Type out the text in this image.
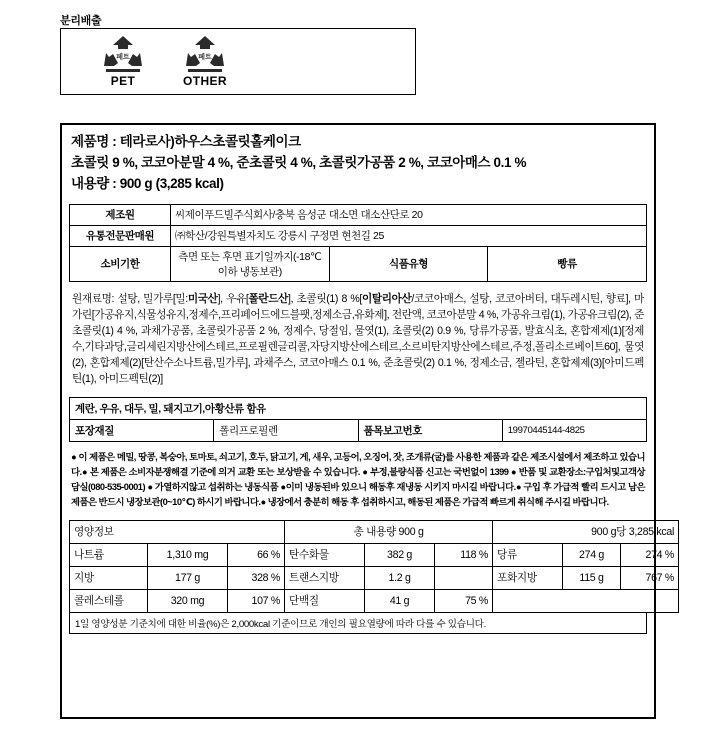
분리배출
페트
PET
페트
OTHER
제품명 : 테라로사)하우스초콜릿홀케이크
초콜릿 9 %, 코코아분말 4 %, 준초콜릿 4 %, 초콜릿가공품 2 %, 코코아매스 0.1 %
내용량 : 900 g (3,285 kcal)
제조원	씨제이푸드빌주식회사/충북 음성군 대소면 대소산단로 20		
유통전문판매원	㈜학산/강원특별자치도 강릉시 구정면 현천길 25		
소비기한	측면 또는 후면 표기일까지(-18℃이하 냉동보관)	식품유형	빵류
원재료명: 설탕, 밀가루[밀:미국산], 우유[폴란드산], 초콜릿(1) 8 %[이탈리아산/코코아매스, 설탕, 코코아버터, 대두레시틴, 향료], 마가린[가공유지,식물성유지,정제수,프리페어드에드블팻,정제소금,유화제], 전란액, 코코아분말 4 %, 가공유크림(1), 가공유크림(2), 준초콜릿(1) 4 %, 과채가공품, 초콜릿가공품 2 %, 정제수, 당절임, 물엿(1), 초콜릿(2) 0.9 %, 당류가공품, 발효식초, 혼합제제(1)[정제수,기타과당,글리세린지방산에스테르,프로필렌글리콜,자당지방산에스테르,소르비탄지방산에스테르,주정,폴리소르베이트60], 물엿(2), 혼합제제(2)[탄산수소나트륨,밀가루], 과채주스, 코코아매스 0.1 %, 준초콜릿(2) 0.1 %, 정제소금, 젤라틴, 혼합제제(3)[아미드펙틴(1), 아미드펙틴(2)]
계란, 우유, 대두, 밀, 돼지고기,아황산류 함유
포장재질	폴리프로필렌	품목보고번호	19970445144-4825
● 이 제품은 메밀, 땅콩, 복숭아, 토마토, 쇠고기, 호두, 닭고기, 게, 새우, 고등어, 오징어, 잣, 조개류(굴)를 사용한 제품과 같은 제조시설에서 제조하고 있습니다.● 본 제품은 소비자분쟁해결 기준에 의거 교환 또는 보상받을 수 있습니다. ● 부정,불량식품 신고는 국번없이 1399 ● 반품 및 교환장소:구입처및고객상담실(080-535-0001) ● 가열하지않고 섭취하는 냉동식품 ●이미 냉동된바 있으니 해동후 재냉동 시키지 마시길 바랍니다.● 구입 후 가급적 빨리 드시고 남은 제품은 반드시 냉장보관(0~10℃) 하시기 바랍니다.● 냉장에서 충분히 해동 후 섭취하시고, 해동된 제품은 가급적 빠르게 취식해 주시길 바랍니다.
영양정보			총 내용량 900 g			900 g당 3,285 kcal		
나트륨	1,310 mg	66 %	탄수화물	382 g	118 %	당류	274 g	274 %
지방	177 g	328 %	트랜스지방	1.2 g		포화지방	115 g	767 %
콜레스테롤	320 mg	107 %	단백질	41 g	75 %			
1일 영양성분 기준치에 대한 비율(%)은 2,000kcal 기준이므로 개인의 필요열량에 따라 다를 수 있습니다.
